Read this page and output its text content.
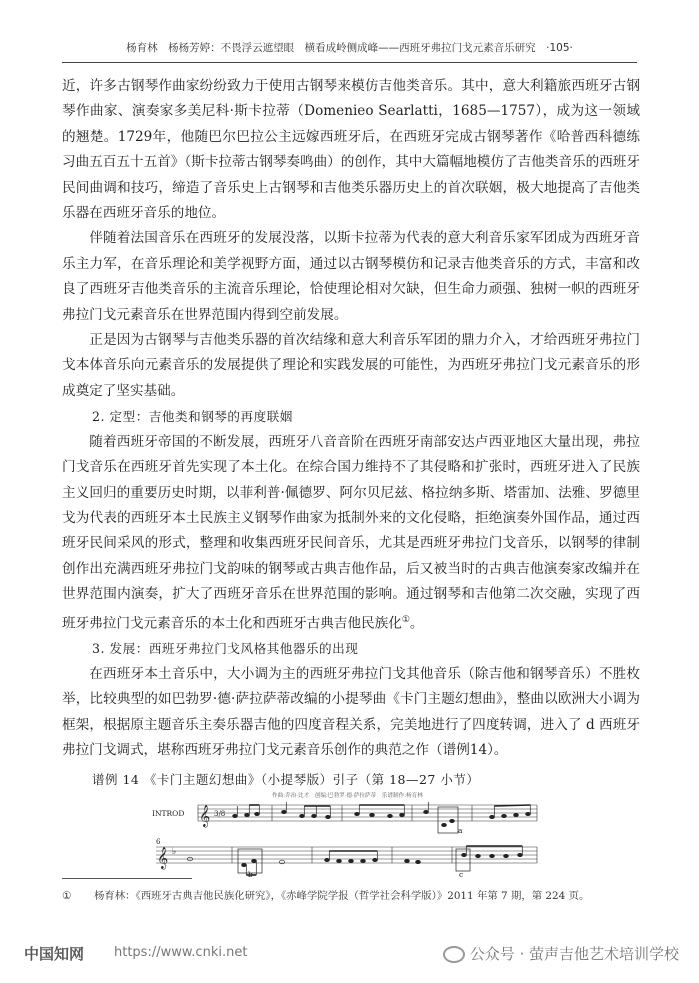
杨育林　杨杨芳婷：不畏浮云遮望眼　横看成岭侧成峰——西班牙弗拉门戈元素音乐研究　·105·

近，许多古钢琴作曲家纷纷致力于使用古钢琴来模仿吉他类音乐。其中，意大利籍旅西班牙古钢琴作曲家、演奏家多美尼科·斯卡拉蒂（Domenieo Searlatti，1685—1757），成为这一领域的翘楚。1729年，他随巴尔巴拉公主远嫁西班牙后，在西班牙完成古钢琴著作《哈普西科德练习曲五百五十五首》（斯卡拉蒂古钢琴奏鸣曲）的创作，其中大篇幅地模仿了吉他类音乐的西班牙民间曲调和技巧，缔造了音乐史上古钢琴和吉他类乐器历史上的首次联姻，极大地提高了吉他类乐器在西班牙音乐的地位。

伴随着法国音乐在西班牙的发展没落，以斯卡拉蒂为代表的意大利音乐家军团成为西班牙音乐主力军，在音乐理论和美学视野方面，通过以古钢琴模仿和记录吉他类音乐的方式，丰富和改良了西班牙吉他类音乐的主流音乐理论，恰使理论相对欠缺，但生命力顽强、独树一帜的西班牙弗拉门戈元素音乐在世界范围内得到空前发展。

正是因为古钢琴与吉他类乐器的首次结缘和意大利音乐军团的鼎力介入，才给西班牙弗拉门戈本体音乐向元素音乐的发展提供了理论和实践发展的可能性，为西班牙弗拉门戈元素音乐的形成奠定了坚实基础。

2. 定型：吉他类和钢琴的再度联姻

随着西班牙帝国的不断发展，西班牙八音音阶在西班牙南部安达卢西亚地区大量出现，弗拉门戈音乐在西班牙首先实现了本土化。在综合国力维持不了其侵略和扩张时，西班牙进入了民族主义回归的重要历史时期，以菲利普·佩德罗、阿尔贝尼兹、格拉纳多斯、塔雷加、法雅、罗德里戈为代表的西班牙本土民族主义钢琴作曲家为抵制外来的文化侵略，拒绝演奏外国作品，通过西班牙民间采风的形式，整理和收集西班牙民间音乐，尤其是西班牙弗拉门戈音乐，以钢琴的律制创作出充满西班牙弗拉门戈韵味的钢琴或古典吉他作品，后又被当时的古典吉他演奏家改编并在世界范围内演奏，扩大了西班牙音乐在世界范围的影响。通过钢琴和吉他第二次交融，实现了西班牙弗拉门戈元素音乐的本土化和西班牙古典吉他民族化①。

3. 发展：西班牙弗拉门戈风格其他器乐的出现

在西班牙本土音乐中，大小调为主的西班牙弗拉门戈其他音乐（除吉他和钢琴音乐）不胜枚举，比较典型的如巴勃罗·德·萨拉萨蒂改编的小提琴曲《卡门主题幻想曲》，整曲以欧洲大小调为框架，根据原主题音乐主奏乐器吉他的四度音程关系，完美地进行了四度转调，进入了 d 西班牙弗拉门戈调式，堪称西班牙弗拉门戈元素音乐创作的典范之作（谱例14）。

谱例 14 《卡门主题幻想曲》（小提琴版）引子（第 18—27 小节）
作曲:乔治·比才　创编:巴勃罗·德·萨拉萨蒂　乐谱制作:杨育林
INTROD 𝄞 3/8
a
6
𝄞 ♭
b	c
① 杨育林：《西班牙古典吉他民族化研究》，《赤峰学院学报（哲学社会科学版）》2011 年第 7 期，第 224 页。
中国知网 https://www.cnki.net	公众号 · 萤声吉他艺术培训学校
